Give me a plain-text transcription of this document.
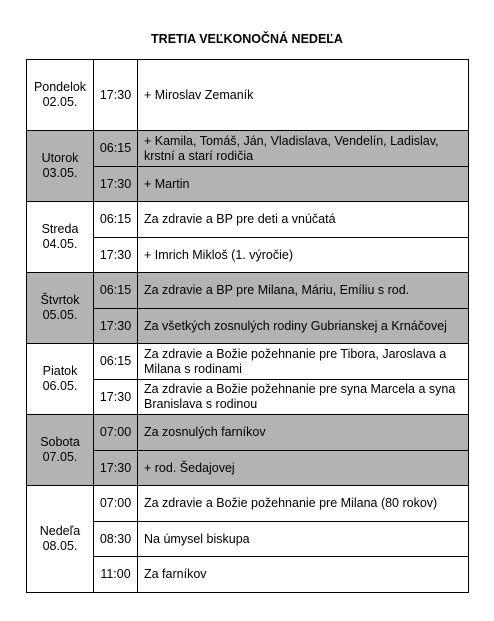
TRETIA VEĽKONOČNÁ NEDEĽA
Pondelok
02.05.	17:30	+ Miroslav Zemaník

Utorok
03.05.	06:15	+ Kamila, Tomáš, Ján, Vladislava, Vendelín, Ladislav, krstní a starí rodičia
	17:30	+ Martin

Streda
04.05.	06:15	Za zdravie a BP pre deti a vnúčatá
	17:30	+ Imrich Mikloš (1. výročie)

Štvrtok
05.05.	06:15	Za zdravie a BP pre Milana, Máriu, Emíliu s rod.
	17:30	Za všetkých zosnulých rodiny Gubrianskej a Krnáčovej

Piatok
06.05.	06:15	Za zdravie a Božie požehnanie pre Tibora, Jaroslava a Milana s rodinami
	17:30	Za zdravie a Božie požehnanie pre syna Marcela a syna Branislava s rodinou

Sobota
07.05.	07:00	Za zosnulých farníkov
	17:30	+ rod. Šedajovej

Nedeľa
08.05.	07:00	Za zdravie a Božie požehnanie pre Milana (80 rokov)
	08:30	Na úmysel biskupa
	11:00	Za farníkov
